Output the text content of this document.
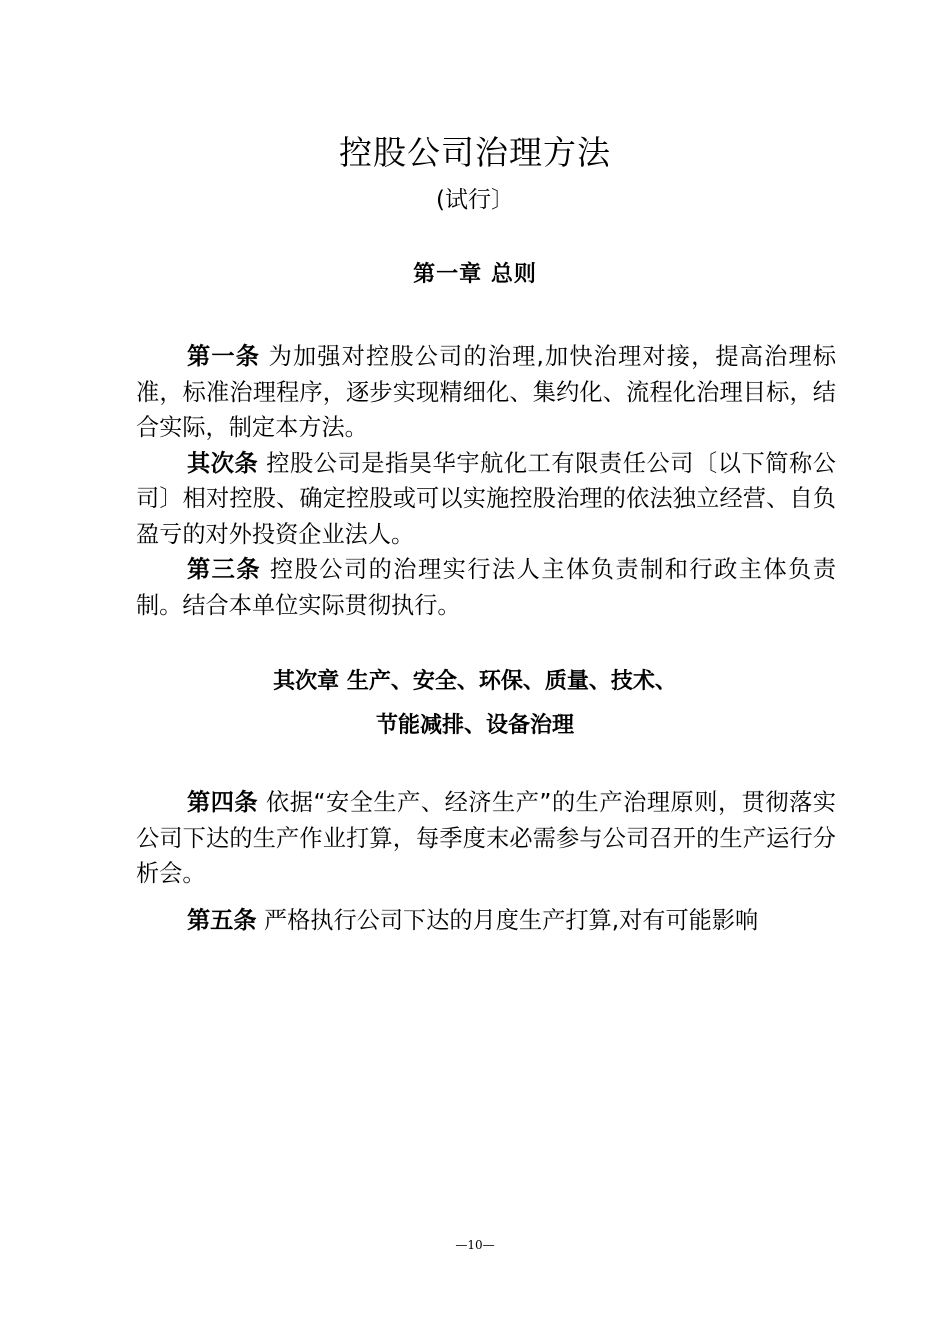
控股公司治理方法
(试行〕
第一章 总则

第一条 为加强对控股公司的治理,加快治理对接，提高治理标准，标准治理程序，逐步实现精细化、集约化、流程化治理目标，结合实际，制定本方法。

其次条 控股公司是指昊华宇航化工有限责任公司〔以下简称公司〕相对控股、确定控股或可以实施控股治理的依法独立经营、自负盈亏的对外投资企业法人。

第三条 控股公司的治理实行法人主体负责制和行政主体负责制。结合本单位实际贯彻执行。

其次章 生产、安全、环保、质量、技术、
节能减排、设备治理

第四条 依据“安全生产、经济生产”的生产治理原则，贯彻落实公司下达的生产作业打算，每季度末必需参与公司召开的生产运行分析会。

第五条 严格执行公司下达的月度生产打算,对有可能影响

—10—
